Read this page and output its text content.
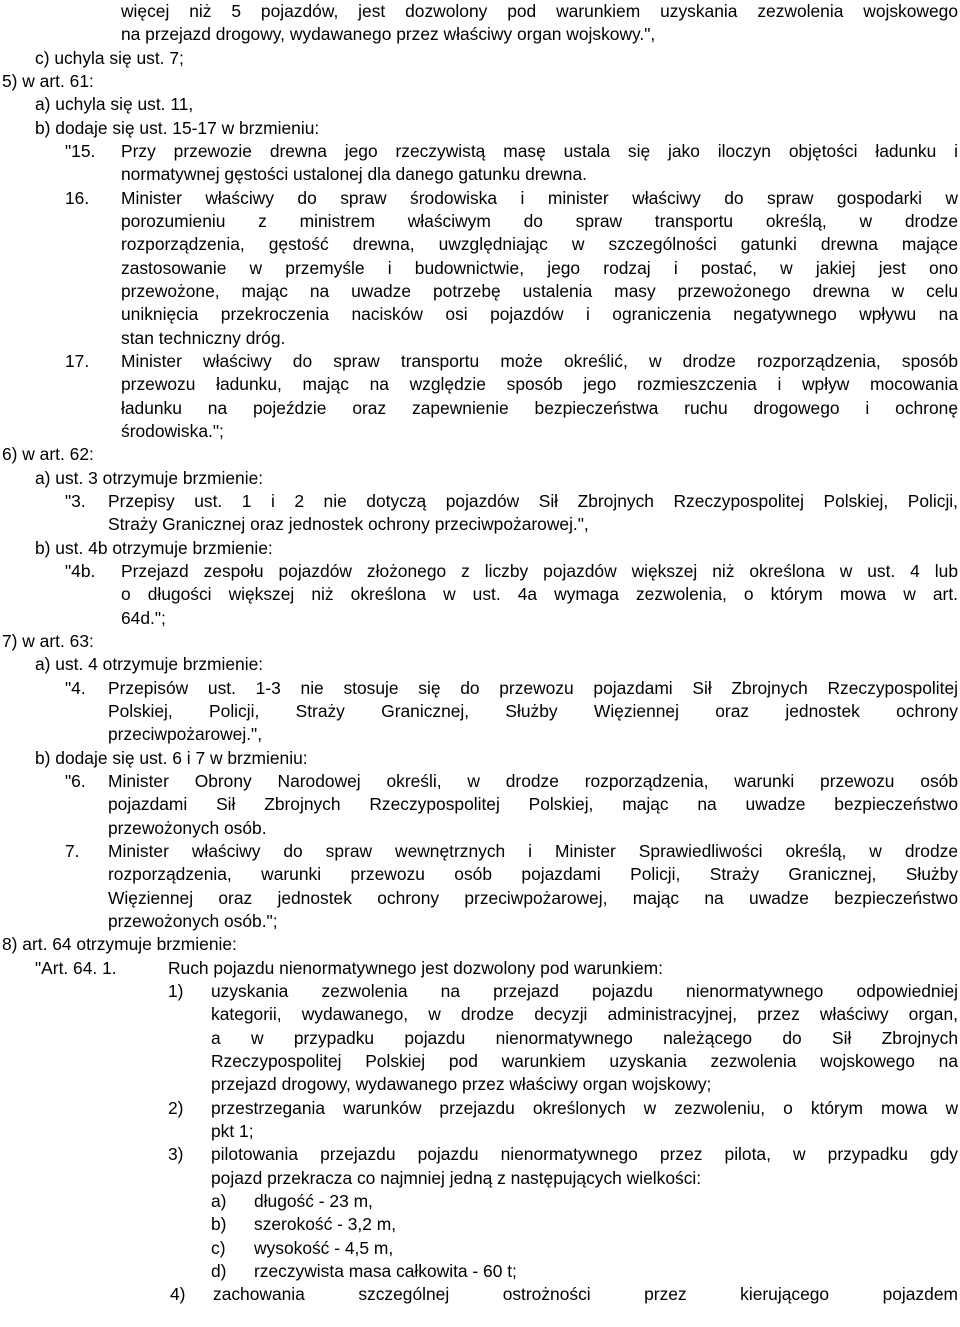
więcej niż 5 pojazdów, jest dozwolony pod warunkiem uzyskania zezwolenia wojskowego
na przejazd drogowy, wydawanego przez właściwy organ wojskowy.",
c) uchyla się ust. 7;
5) w art. 61:
a) uchyla się ust. 11,
b) dodaje się ust. 15-17 w brzmieniu:
"15. Przy przewozie drewna jego rzeczywistą masę ustala się jako iloczyn objętości ładunku i
normatywnej gęstości ustalonej dla danego gatunku drewna.
16. Minister właściwy do spraw środowiska i minister właściwy do spraw gospodarki w
porozumieniu z ministrem właściwym do spraw transportu określą, w drodze
rozporządzenia, gęstość drewna, uwzględniając w szczególności gatunki drewna mające
zastosowanie w przemyśle i budownictwie, jego rodzaj i postać, w jakiej jest ono
przewożone, mając na uwadze potrzebę ustalenia masy przewożonego drewna w celu
uniknięcia przekroczenia nacisków osi pojazdów i ograniczenia negatywnego wpływu na
stan techniczny dróg.
17. Minister właściwy do spraw transportu może określić, w drodze rozporządzenia, sposób
przewozu ładunku, mając na względzie sposób jego rozmieszczenia i wpływ mocowania
ładunku na pojeździe oraz zapewnienie bezpieczeństwa ruchu drogowego i ochronę
środowiska.";
6) w art. 62:
a) ust. 3 otrzymuje brzmienie:
"3. Przepisy ust. 1 i 2 nie dotyczą pojazdów Sił Zbrojnych Rzeczypospolitej Polskiej, Policji,
Straży Granicznej oraz jednostek ochrony przeciwpożarowej.",
b) ust. 4b otrzymuje brzmienie:
"4b. Przejazd zespołu pojazdów złożonego z liczby pojazdów większej niż określona w ust. 4 lub
o długości większej niż określona w ust. 4a wymaga zezwolenia, o którym mowa w art.
64d.";
7) w art. 63:
a) ust. 4 otrzymuje brzmienie:
"4. Przepisów ust. 1-3 nie stosuje się do przewozu pojazdami Sił Zbrojnych Rzeczypospolitej
Polskiej, Policji, Straży Granicznej, Służby Więziennej oraz jednostek ochrony
przeciwpożarowej.",
b) dodaje się ust. 6 i 7 w brzmieniu:
"6. Minister Obrony Narodowej określi, w drodze rozporządzenia, warunki przewozu osób
pojazdami Sił Zbrojnych Rzeczypospolitej Polskiej, mając na uwadze bezpieczeństwo
przewożonych osób.
7. Minister właściwy do spraw wewnętrznych i Minister Sprawiedliwości określą, w drodze
rozporządzenia, warunki przewozu osób pojazdami Policji, Straży Granicznej, Służby
Więziennej oraz jednostek ochrony przeciwpożarowej, mając na uwadze bezpieczeństwo
przewożonych osób.";
8) art. 64 otrzymuje brzmienie:
"Art. 64. 1.	Ruch pojazdu nienormatywnego jest dozwolony pod warunkiem:
1) uzyskania zezwolenia na przejazd pojazdu nienormatywnego odpowiedniej
kategorii, wydawanego, w drodze decyzji administracyjnej, przez właściwy organ,
a w przypadku pojazdu nienormatywnego należącego do Sił Zbrojnych
Rzeczypospolitej Polskiej pod warunkiem uzyskania zezwolenia wojskowego na
przejazd drogowy, wydawanego przez właściwy organ wojskowy;
2) przestrzegania warunków przejazdu określonych w zezwoleniu, o którym mowa w
pkt 1;
3) pilotowania przejazdu pojazdu nienormatywnego przez pilota, w przypadku gdy
pojazd przekracza co najmniej jedną z następujących wielkości:
a) długość - 23 m,
b) szerokość - 3,2 m,
c) wysokość - 4,5 m,
d) rzeczywista masa całkowita - 60 t;
4) zachowania szczególnej ostrożności przez kierującego pojazdem
